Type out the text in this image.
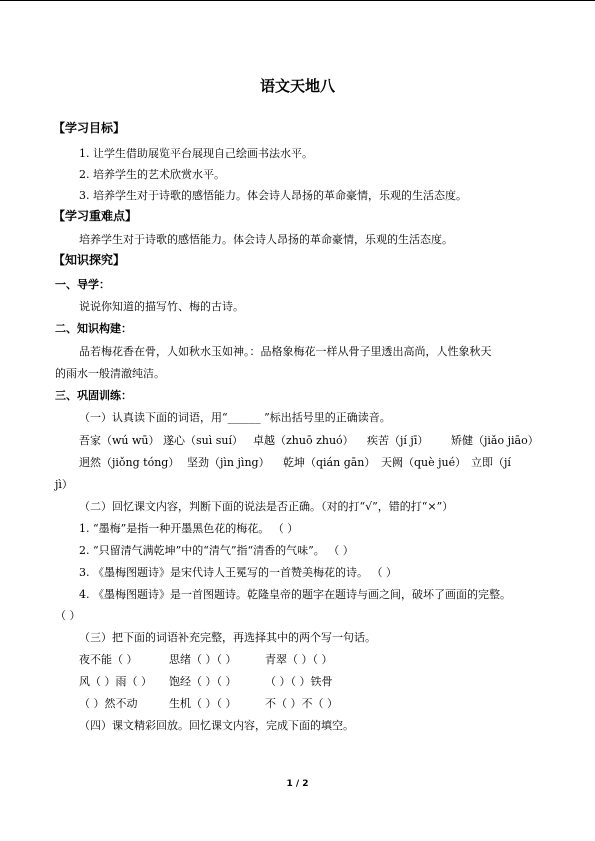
语文天地八
【学习目标】
1. 让学生借助展览平台展现自己绘画书法水平。
2. 培养学生的艺术欣赏水平。
3. 培养学生对于诗歌的感悟能力。体会诗人昂扬的革命豪情，乐观的生活态度。
【学习重难点】
培养学生对于诗歌的感悟能力。体会诗人昂扬的革命豪情，乐观的生活态度。
【知识探究】
一、导学：
说说你知道的描写竹、梅的古诗。
二、知识构建：
品若梅花香在骨，人如秋水玉如神。：品格象梅花一样从骨子里透出高尚，人性象秋天
的雨水一般清澈纯洁。
三、巩固训练：
（一）认真读下面的词语，用“______ ”标出括号里的正确读音。
吾家（wú wū） 遂心（suì suí） 卓越（zhuō zhuó） 疾苦（jí jī） 矫健（jiǎo jiāo）
迥然（jiǒng tóng） 坚劲（jìn jìng） 乾坤（qián gān） 天阙（què jué） 立即（jí
jì）
（二）回忆课文内容，判断下面的说法是否正确。（对的打“√”，错的打“×”）
1. “墨梅”是指一种开墨黑色花的梅花。 （ ）
2. “只留清气满乾坤”中的“清气”指“清香的气味”。 （ ）
3. 《墨梅图题诗》是宋代诗人王冕写的一首赞美梅花的诗。 （ ）
4. 《墨梅图题诗》是一首图题诗。乾隆皇帝的题字在题诗与画之间，破坏了画面的完整。
（ ）
（三）把下面的词语补充完整，再选择其中的两个写一句话。
夜不能（ ）	思绪（ ）（ ）	青翠（ ）（ ）
风（ ）雨（ ） 饱经（ ）（ ）	（ ）（ ）铁骨
（ ）然不动	生机（ ）（ ）	不（ ）不（ ）
（四）课文精彩回放。回忆课文内容，完成下面的填空。
1 / 2
